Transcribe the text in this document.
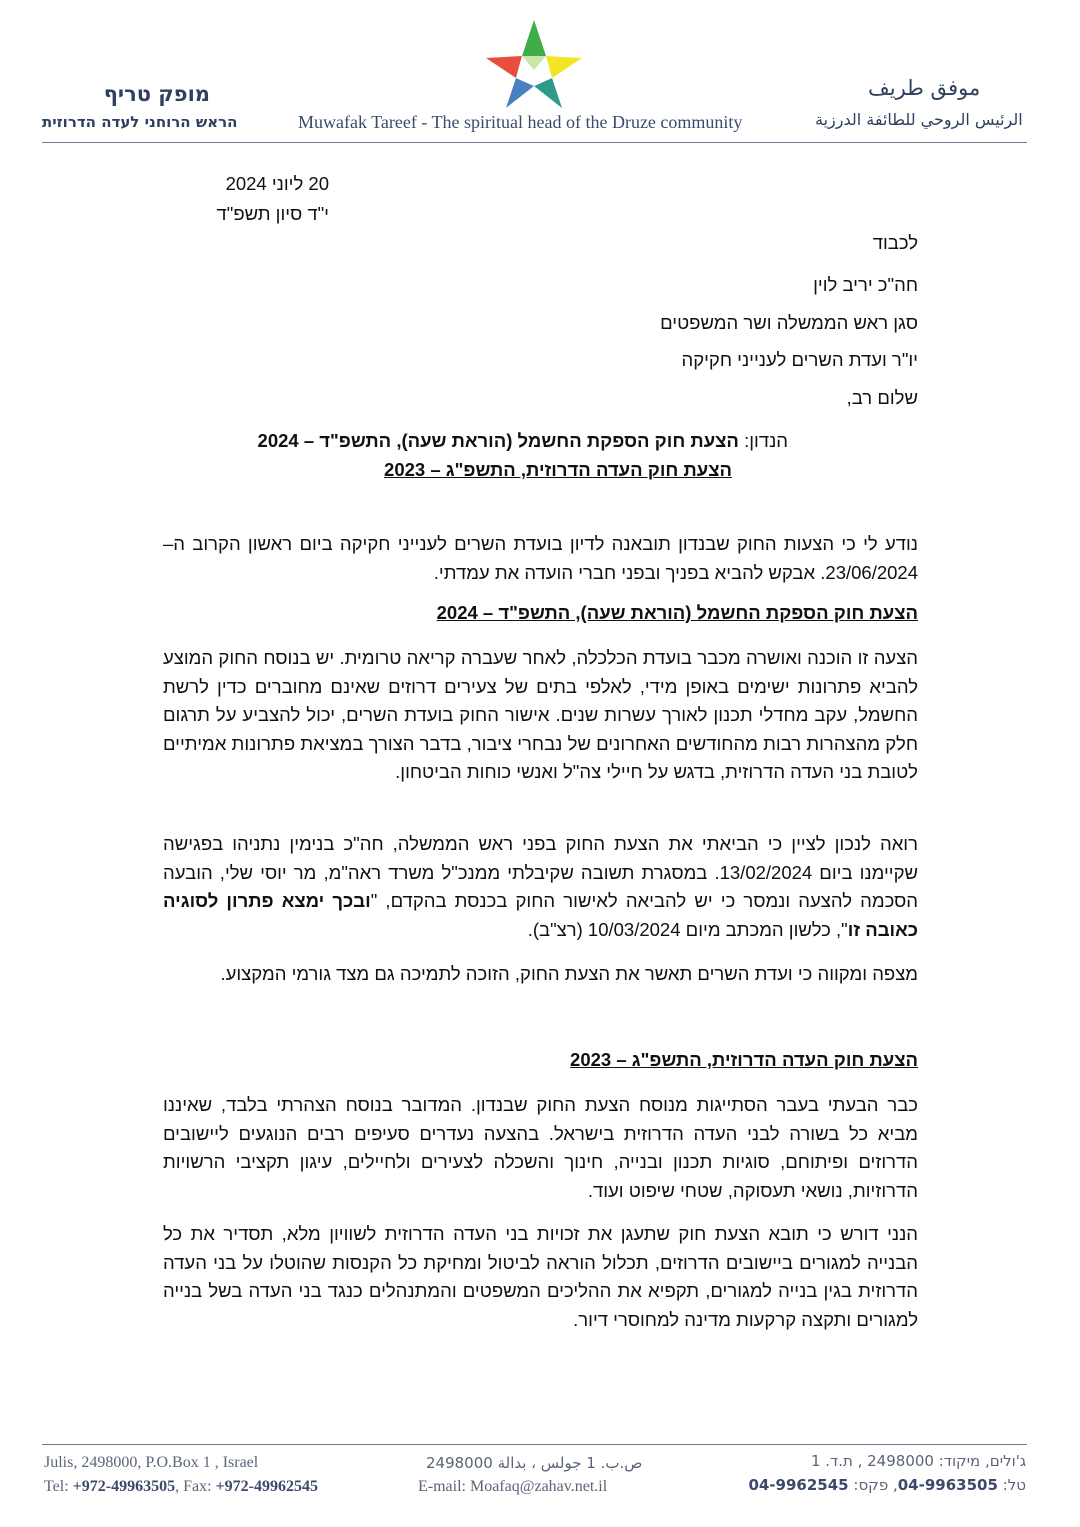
מופק טריף
הראש הרוחני לעדה הדרוזית	Muwafak Tareef - The spiritual head of the Druze community
موفق طريف
الرئيس الروحي للطائفة الدرزية
20 ליוני 2024
י"ד סיון תשפ"ד
לכבוד
חה"כ יריב לוין
סגן ראש הממשלה ושר המשפטים
יו"ר ועדת השרים לענייני חקיקה
שלום רב,
הנדון: הצעת חוק הספקת החשמל (הוראת שעה), התשפ"ד – 2024
הצעת חוק העדה הדרוזית, התשפ"ג – 2023
נודע לי כי הצעות החוק שבנדון תובאנה לדיון בועדת השרים לענייני חקיקה ביום ראשון הקרוב ה– 23/06/2024. אבקש להביא בפניך ובפני חברי הועדה את עמדתי.
הצעת חוק הספקת החשמל (הוראת שעה), התשפ"ד – 2024
הצעה זו הוכנה ואושרה מכבר בועדת הכלכלה, לאחר שעברה קריאה טרומית. יש בנוסח החוק המוצע להביא פתרונות ישימים באופן מידי, לאלפי בתים של צעירים דרוזים שאינם מחוברים כדין לרשת החשמל, עקב מחדלי תכנון לאורך עשרות שנים. אישור החוק בועדת השרים, יכול להצביע על תרגום חלק מהצהרות רבות מהחודשים האחרונים של נבחרי ציבור, בדבר הצורך במציאת פתרונות אמיתיים לטובת בני העדה הדרוזית, בדגש על חיילי צה"ל ואנשי כוחות הביטחון.
רואה לנכון לציין כי הביאתי את הצעת החוק בפני ראש הממשלה, חה"כ בנימין נתניהו בפגישה שקיימנו ביום 13/02/2024. במסגרת תשובה שקיבלתי ממנכ"ל משרד ראה"מ, מר יוסי שלי, הובעה הסכמה להצעה ונמסר כי יש להביאה לאישור החוק בכנסת בהקדם, "ובכך ימצא פתרון לסוגיה כאובה זו", כלשון המכתב מיום 10/03/2024 (רצ"ב).
מצפה ומקווה כי ועדת השרים תאשר את הצעת החוק, הזוכה לתמיכה גם מצד גורמי המקצוע.
הצעת חוק העדה הדרוזית, התשפ"ג – 2023
כבר הבעתי בעבר הסתייגות מנוסח הצעת החוק שבנדון. המדובר בנוסח הצהרתי בלבד, שאיננו מביא כל בשורה לבני העדה הדרוזית בישראל. בהצעה נעדרים סעיפים רבים הנוגעים ליישובים הדרוזים ופיתוחם, סוגיות תכנון ובנייה, חינוך והשכלה לצעירים ולחיילים, עיגון תקציבי הרשויות הדרוזיות, נושאי תעסוקה, שטחי שיפוט ועוד.
הנני דורש כי תובא הצעת חוק שתעגן את זכויות בני העדה הדרוזית לשוויון מלא, תסדיר את כל הבנייה למגורים ביישובים הדרוזים, תכלול הוראה לביטול ומחיקת כל הקנסות שהוטלו על בני העדה הדרוזית בגין בנייה למגורים, תקפיא את ההליכים המשפטים והמתנהלים כנגד בני העדה בשל בנייה למגורים ותקצה קרקעות מדינה למחוסרי דיור.
Julis, 2498000, P.O.Box 1 , Israel
Tel: +972-49963505, Fax: +972-49962545
ص.ب. 1 جولس ، بدالة 2498000
E-mail: Moafaq@zahav.net.il
ג'ולים, מיקוד: 2498000 , ת.ד. 1
טל: 04-9963505, פקס: 04-9962545
